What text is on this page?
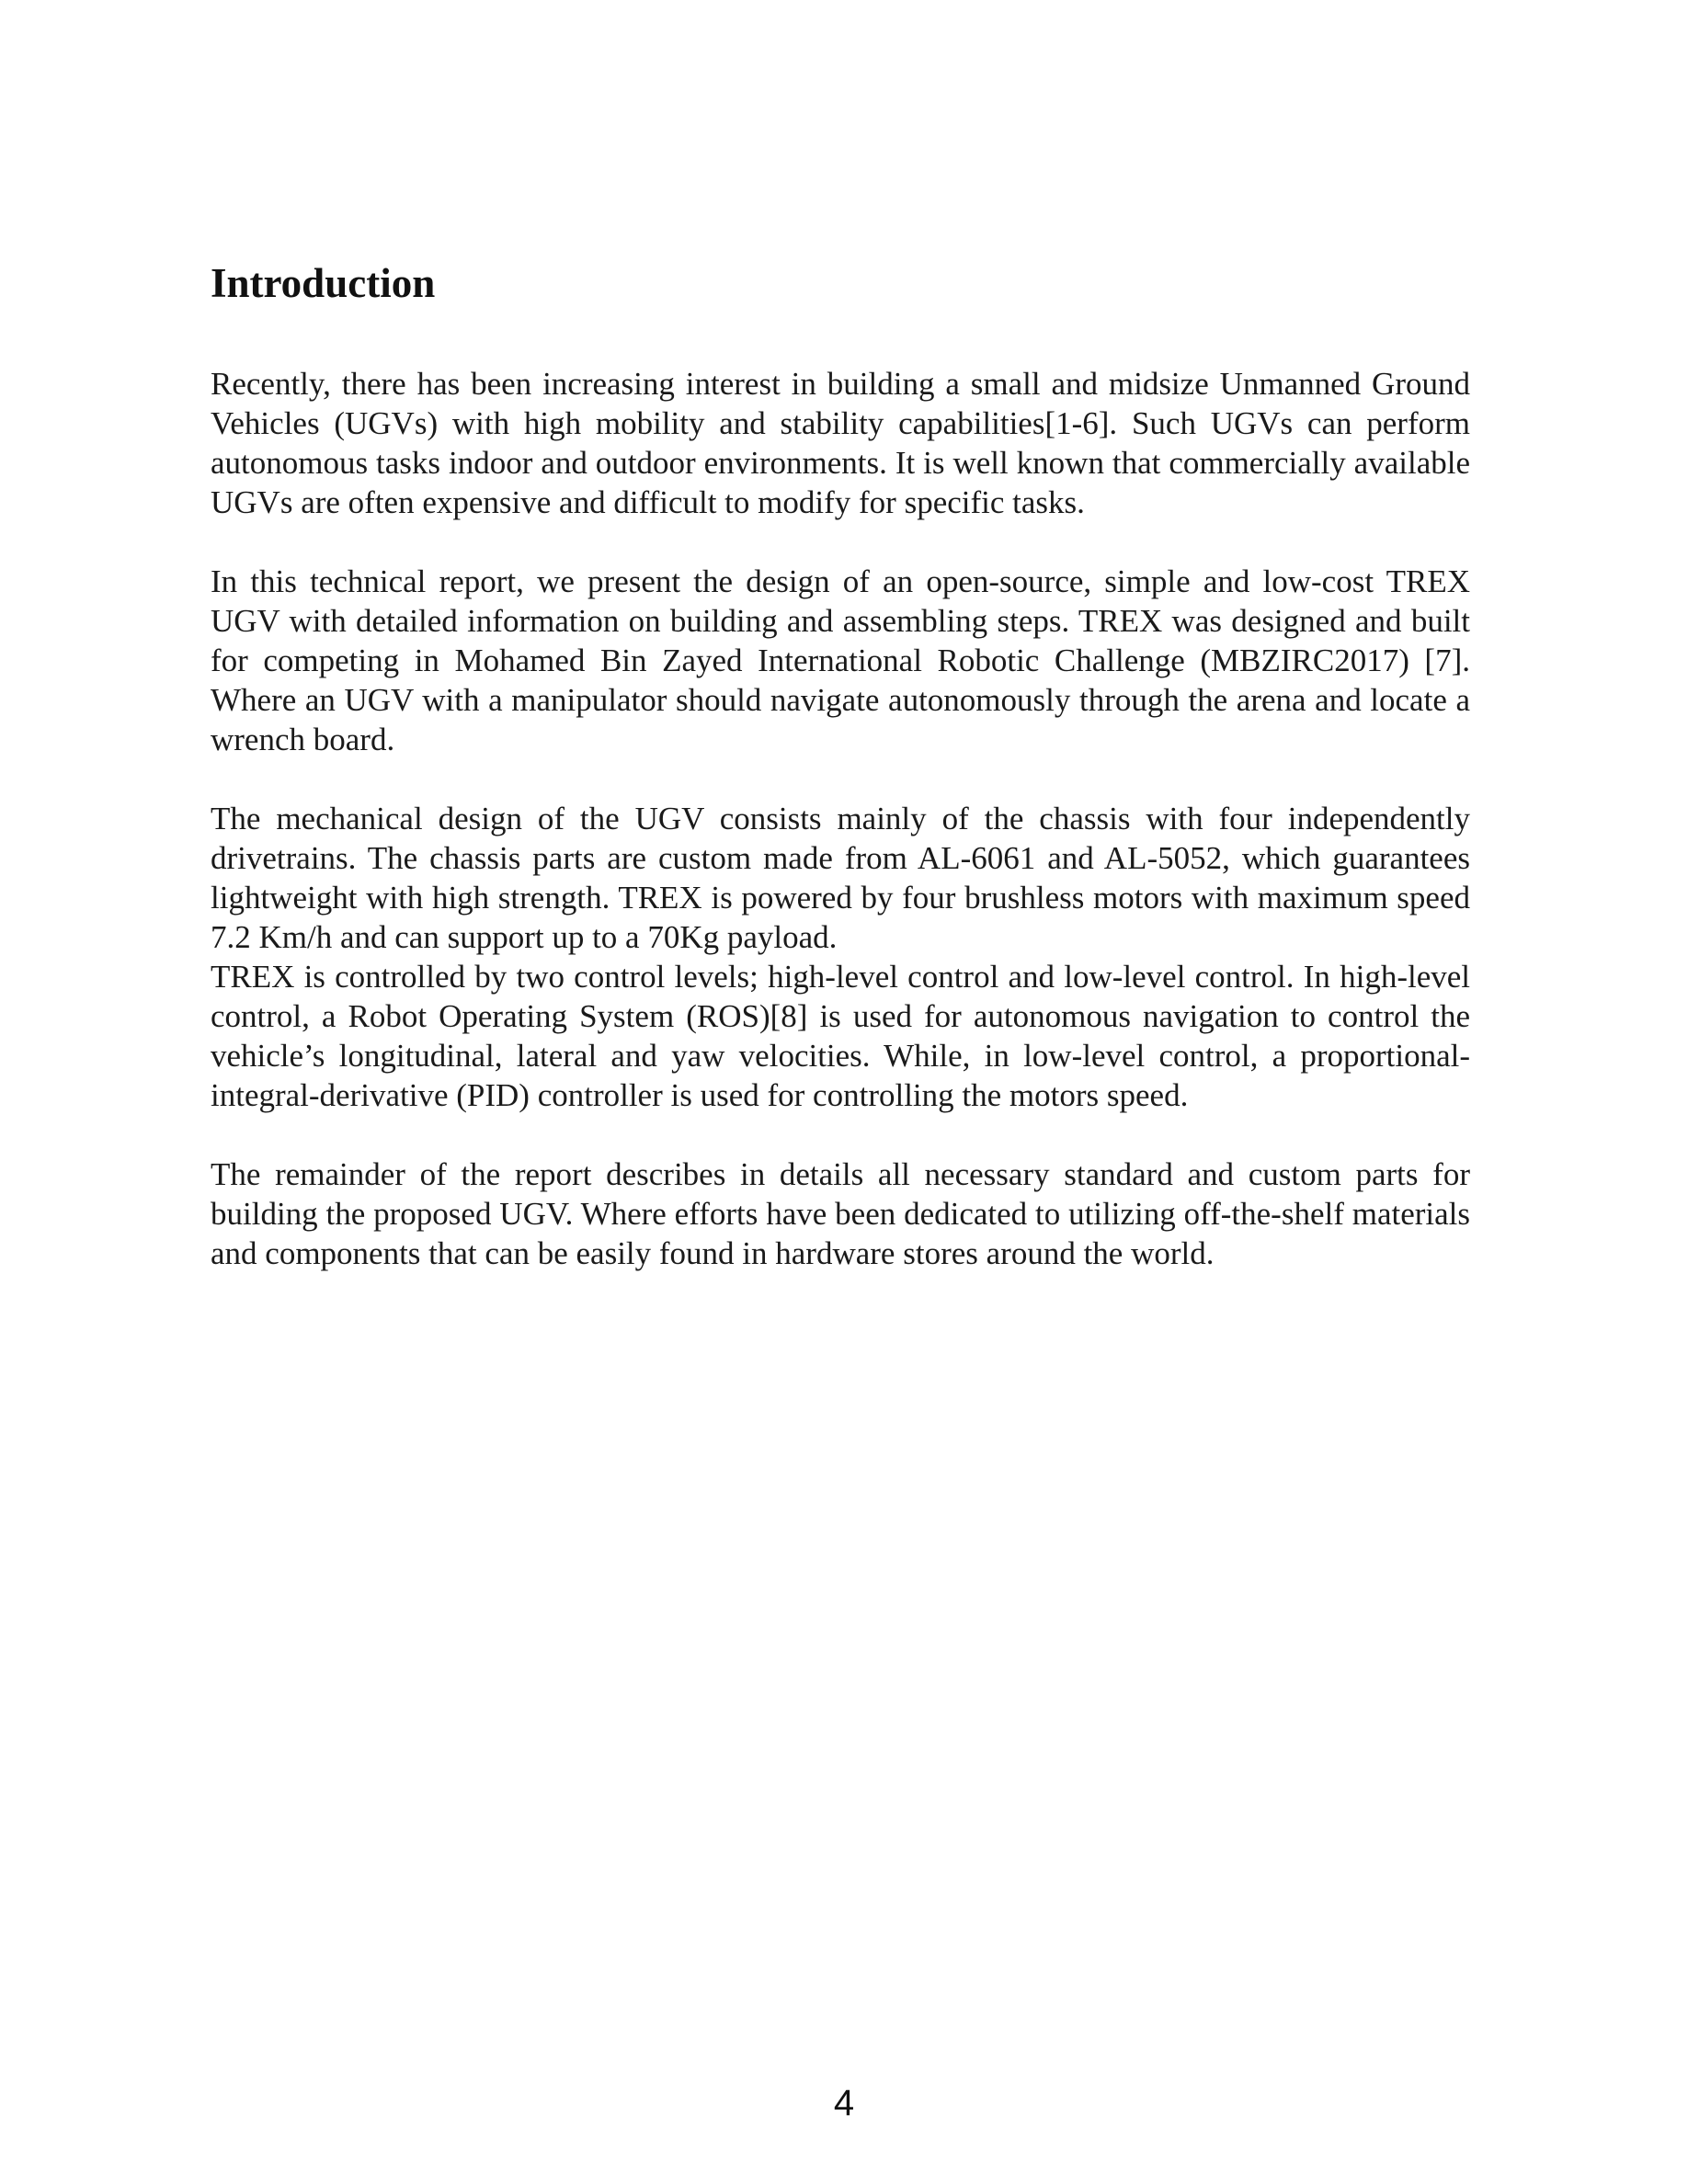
Introduction

Recently, there has been increasing interest in building a small and midsize Unmanned Ground Vehicles (UGVs) with high mobility and stability capabilities[1-6]. Such UGVs can perform autonomous tasks indoor and outdoor environments. It is well known that commercially available UGVs are often expensive and difficult to modify for specific tasks.

In this technical report, we present the design of an open-source, simple and low-cost TREX UGV with detailed information on building and assembling steps. TREX was designed and built for competing in Mohamed Bin Zayed International Robotic Challenge (MBZIRC2017) [7]. Where an UGV with a manipulator should navigate autonomously through the arena and locate a wrench board.

The mechanical design of the UGV consists mainly of the chassis with four independently drivetrains. The chassis parts are custom made from AL-6061 and AL-5052, which guarantees lightweight with high strength. TREX is powered by four brushless motors with maximum speed 7.2 Km/h and can support up to a 70Kg payload.

TREX is controlled by two control levels; high-level control and low-level control. In high-level control, a Robot Operating System (ROS)[8] is used for autonomous navigation to control the vehicle’s longitudinal, lateral and yaw velocities. While, in low-level control, a proportional-integral-derivative (PID) controller is used for controlling the motors speed.

The remainder of the report describes in details all necessary standard and custom parts for building the proposed UGV. Where efforts have been dedicated to utilizing off-the-shelf materials and components that can be easily found in hardware stores around the world.

4
